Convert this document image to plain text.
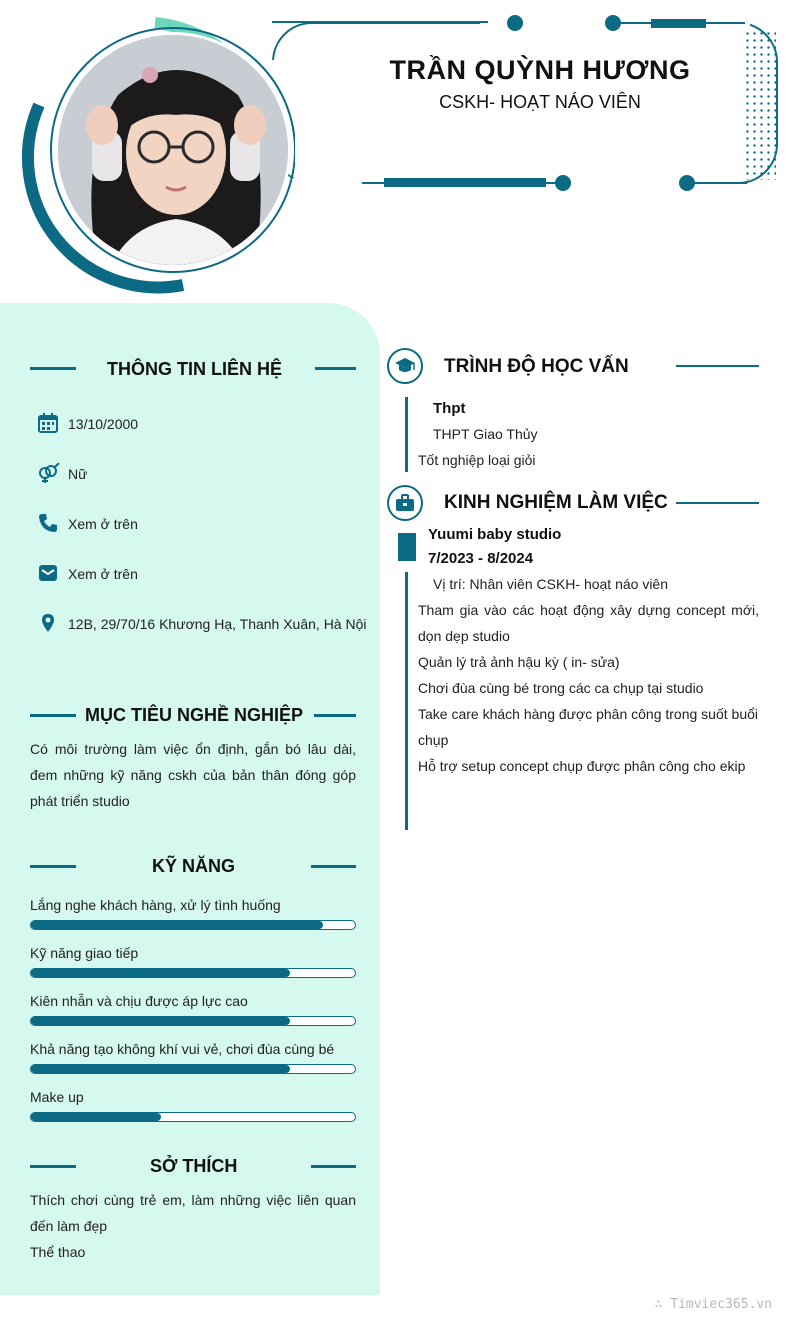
TRẦN QUỲNH HƯƠNG
CSKH- HOẠT NÁO VIÊN
THÔNG TIN LIÊN HỆ
13/10/2000
Nữ
Xem ở trên
Xem ở trên
12B, 29/70/16 Khương Hạ, Thanh Xuân, Hà Nội
MỤC TIÊU NGHỀ NGHIỆP
Có môi trường làm việc ổn định, gắn bó lâu dài, đem những kỹ năng cskh của bản thân đóng góp phát triển studio
KỸ NĂNG
Lắng nghe khách hàng, xử lý tình huống
Kỹ năng giao tiếp
Kiên nhẫn và chịu được áp lực cao
Khả năng tạo không khí vui vẻ, chơi đùa cùng bé
Make up
SỞ THÍCH
Thích chơi cùng trẻ em, làm những việc liên quan đến làm đẹp
Thể thao
TRÌNH ĐỘ HỌC VẤN
Thpt
THPT Giao Thủy
Tốt nghiệp loại giỏi
KINH NGHIỆM LÀM VIỆC
Yuumi baby studio
7/2023 - 8/2024
Vị trí: Nhân viên CSKH- hoạt náo viên
Tham gia vào các hoạt động xây dựng concept mới, dọn dẹp studio
Quản lý trả ảnh hậu kỳ ( in- sửa)
Chơi đùa cùng bé trong các ca chụp tại studio
Take care khách hàng được phân công trong suốt buổi chụp
Hỗ trợ setup concept chụp được phân công cho ekip
∴ Timviec365.vn
